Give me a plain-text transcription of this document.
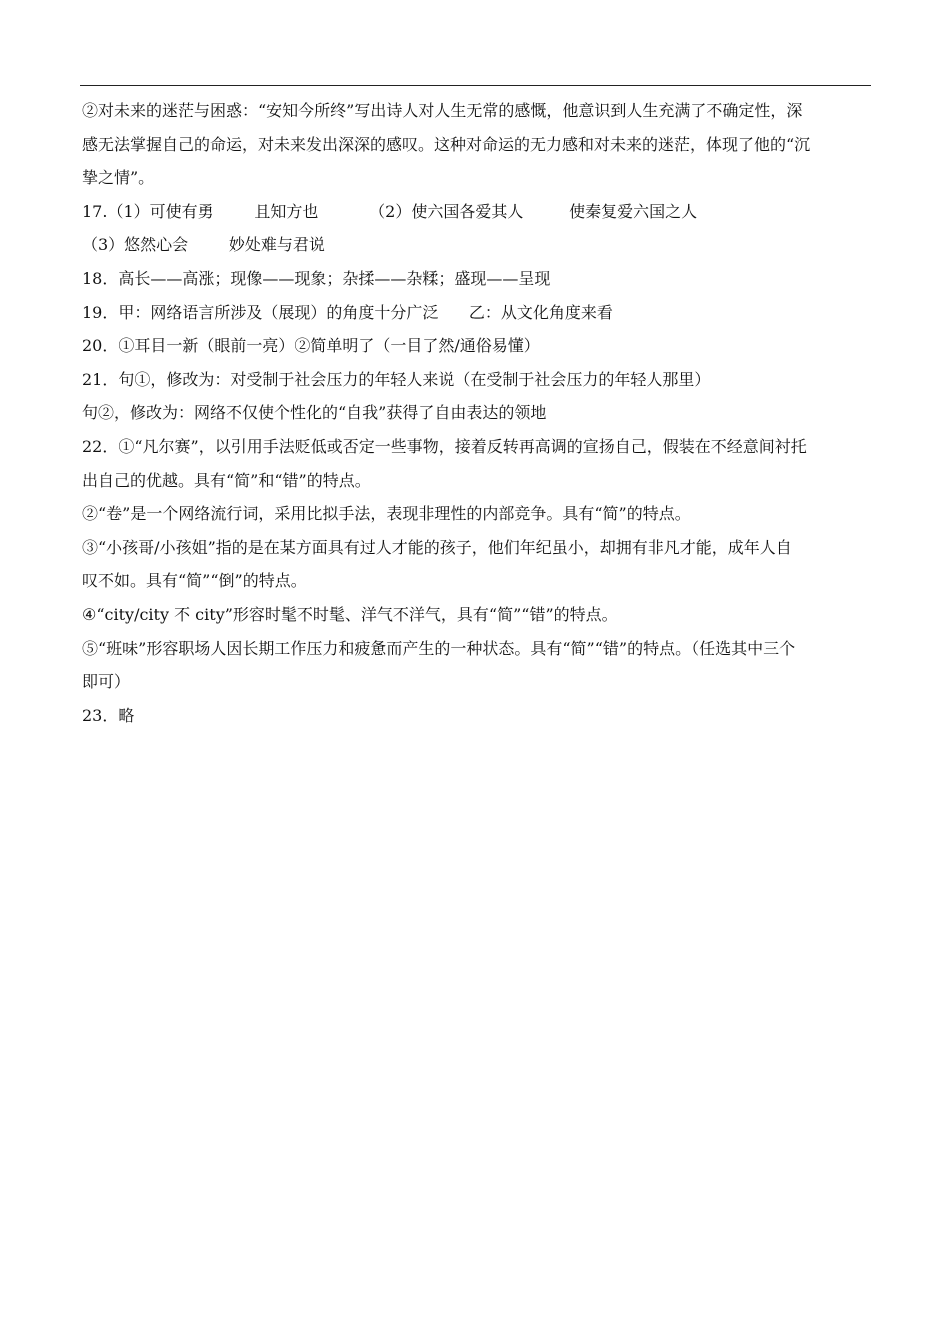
②对未来的迷茫与困惑：“安知今所终”写出诗人对人生无常的感慨，他意识到人生充满了不确定性，深

感无法掌握自己的命运，对未来发出深深的感叹。这种对命运的无力感和对未来的迷茫，体现了他的“沉

挚之情”。

17.（1）可使有勇        且知方也          （2）使六国各爱其人         使秦复爱六国之人

（3）悠然心会        妙处难与君说

18．高长——高涨；现像——现象；杂揉——杂糅；盛现——呈现

19．甲：网络语言所涉及（展现）的角度十分广泛      乙：从文化角度来看

20．①耳目一新（眼前一亮）②简单明了（一目了然/通俗易懂）

21．句①，修改为：对受制于社会压力的年轻人来说（在受制于社会压力的年轻人那里）

句②，修改为：网络不仅使个性化的“自我”获得了自由表达的领地

22．①“凡尔赛”，以引用手法贬低或否定一些事物，接着反转再高调的宣扬自己，假装在不经意间衬托

出自己的优越。具有“简”和“错”的特点。

②“卷”是一个网络流行词，采用比拟手法，表现非理性的内部竞争。具有“简”的特点。

③“小孩哥/小孩姐”指的是在某方面具有过人才能的孩子，他们年纪虽小，却拥有非凡才能，成年人自

叹不如。具有“简”“倒”的特点。

④“city/city 不 city”形容时髦不时髦、洋气不洋气，具有“简”“错”的特点。

⑤“班味”形容职场人因长期工作压力和疲惫而产生的一种状态。具有“简”“错”的特点。（任选其中三个

即可）

23．略
